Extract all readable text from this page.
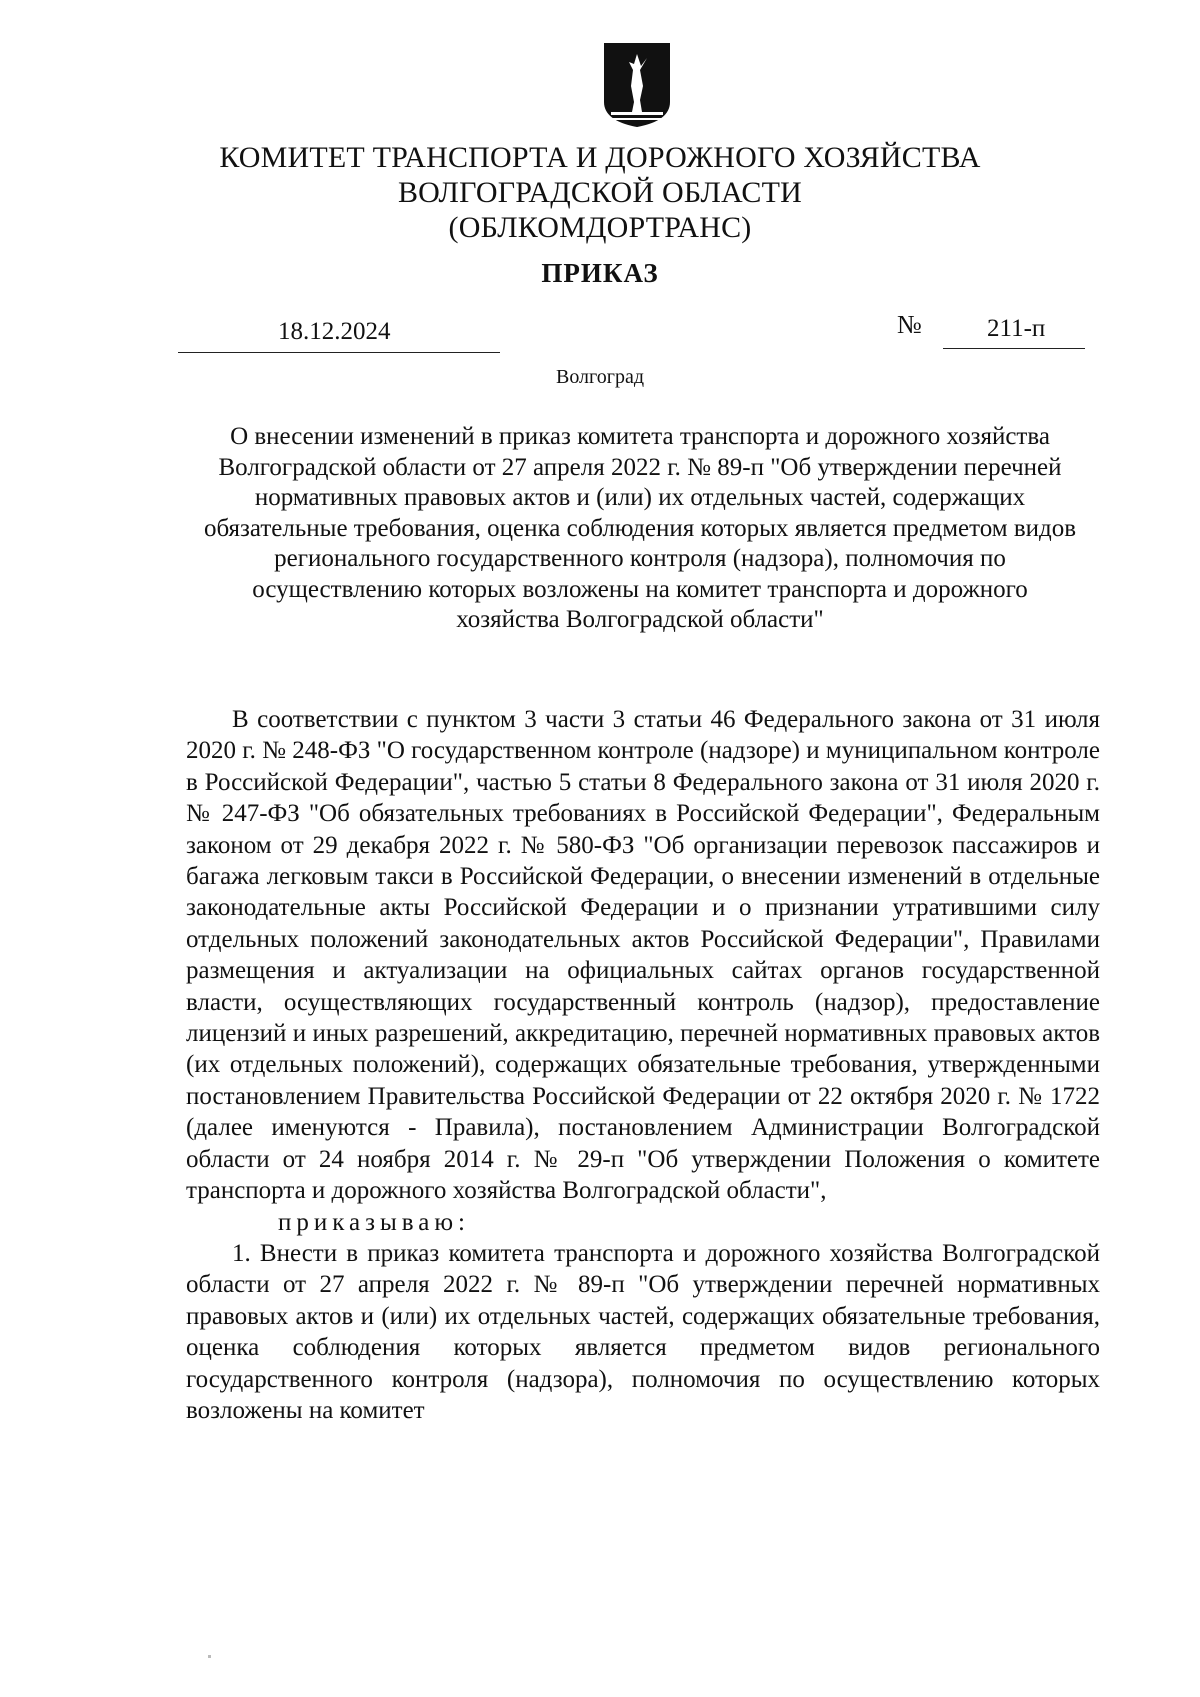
КОМИТЕТ ТРАНСПОРТА И ДОРОЖНОГО ХОЗЯЙСТВА
ВОЛГОГРАДСКОЙ ОБЛАСТИ
(ОБЛКОМДОРТРАНС)
ПРИКАЗ
18.12.2024	№	211-п
Волгоград
О внесении изменений в приказ комитета транспорта и дорожного хозяйства Волгоградской области от 27 апреля 2022 г. № 89-п "Об утверждении перечней нормативных правовых актов и (или) их отдельных частей, содержащих обязательные требования, оценка соблюдения которых является предметом видов регионального государственного контроля (надзора), полномочия по осуществлению которых возложены на комитет транспорта и дорожного хозяйства Волгоградской области"

В соответствии с пунктом 3 части 3 статьи 46 Федерального закона от 31 июля 2020 г. № 248-ФЗ "О государственном контроле (надзоре) и муниципальном контроле в Российской Федерации", частью 5 статьи 8 Федерального закона от 31 июля 2020 г. № 247-ФЗ "Об обязательных требованиях в Российской Федерации", Федеральным законом от 29 декабря 2022 г. № 580-ФЗ "Об организации перевозок пассажиров и багажа легковым такси в Российской Федерации, о внесении изменений в отдельные законодательные акты Российской Федерации и о признании утратившими силу отдельных положений законодательных актов Российской Федерации", Правилами размещения и актуализации на официальных сайтах органов государственной власти, осуществляющих государственный контроль (надзор), предоставление лицензий и иных разрешений, аккредитацию, перечней нормативных правовых актов (их отдельных положений), содержащих обязательные требования, утвержденными постановлением Правительства Российской Федерации от 22 октября 2020 г. № 1722 (далее именуются - Правила), постановлением Администрации Волгоградской области от 24 ноября 2014 г. № 29-п "Об утверждении Положения о комитете транспорта и дорожного хозяйства Волгоградской области",

приказываю:

1. Внести в приказ комитета транспорта и дорожного хозяйства Волгоградской области от 27 апреля 2022 г. № 89-п "Об утверждении перечней нормативных правовых актов и (или) их отдельных частей, содержащих обязательные требования, оценка соблюдения которых является предметом видов регионального государственного контроля (надзора), полномочия по осуществлению которых возложены на комитет
